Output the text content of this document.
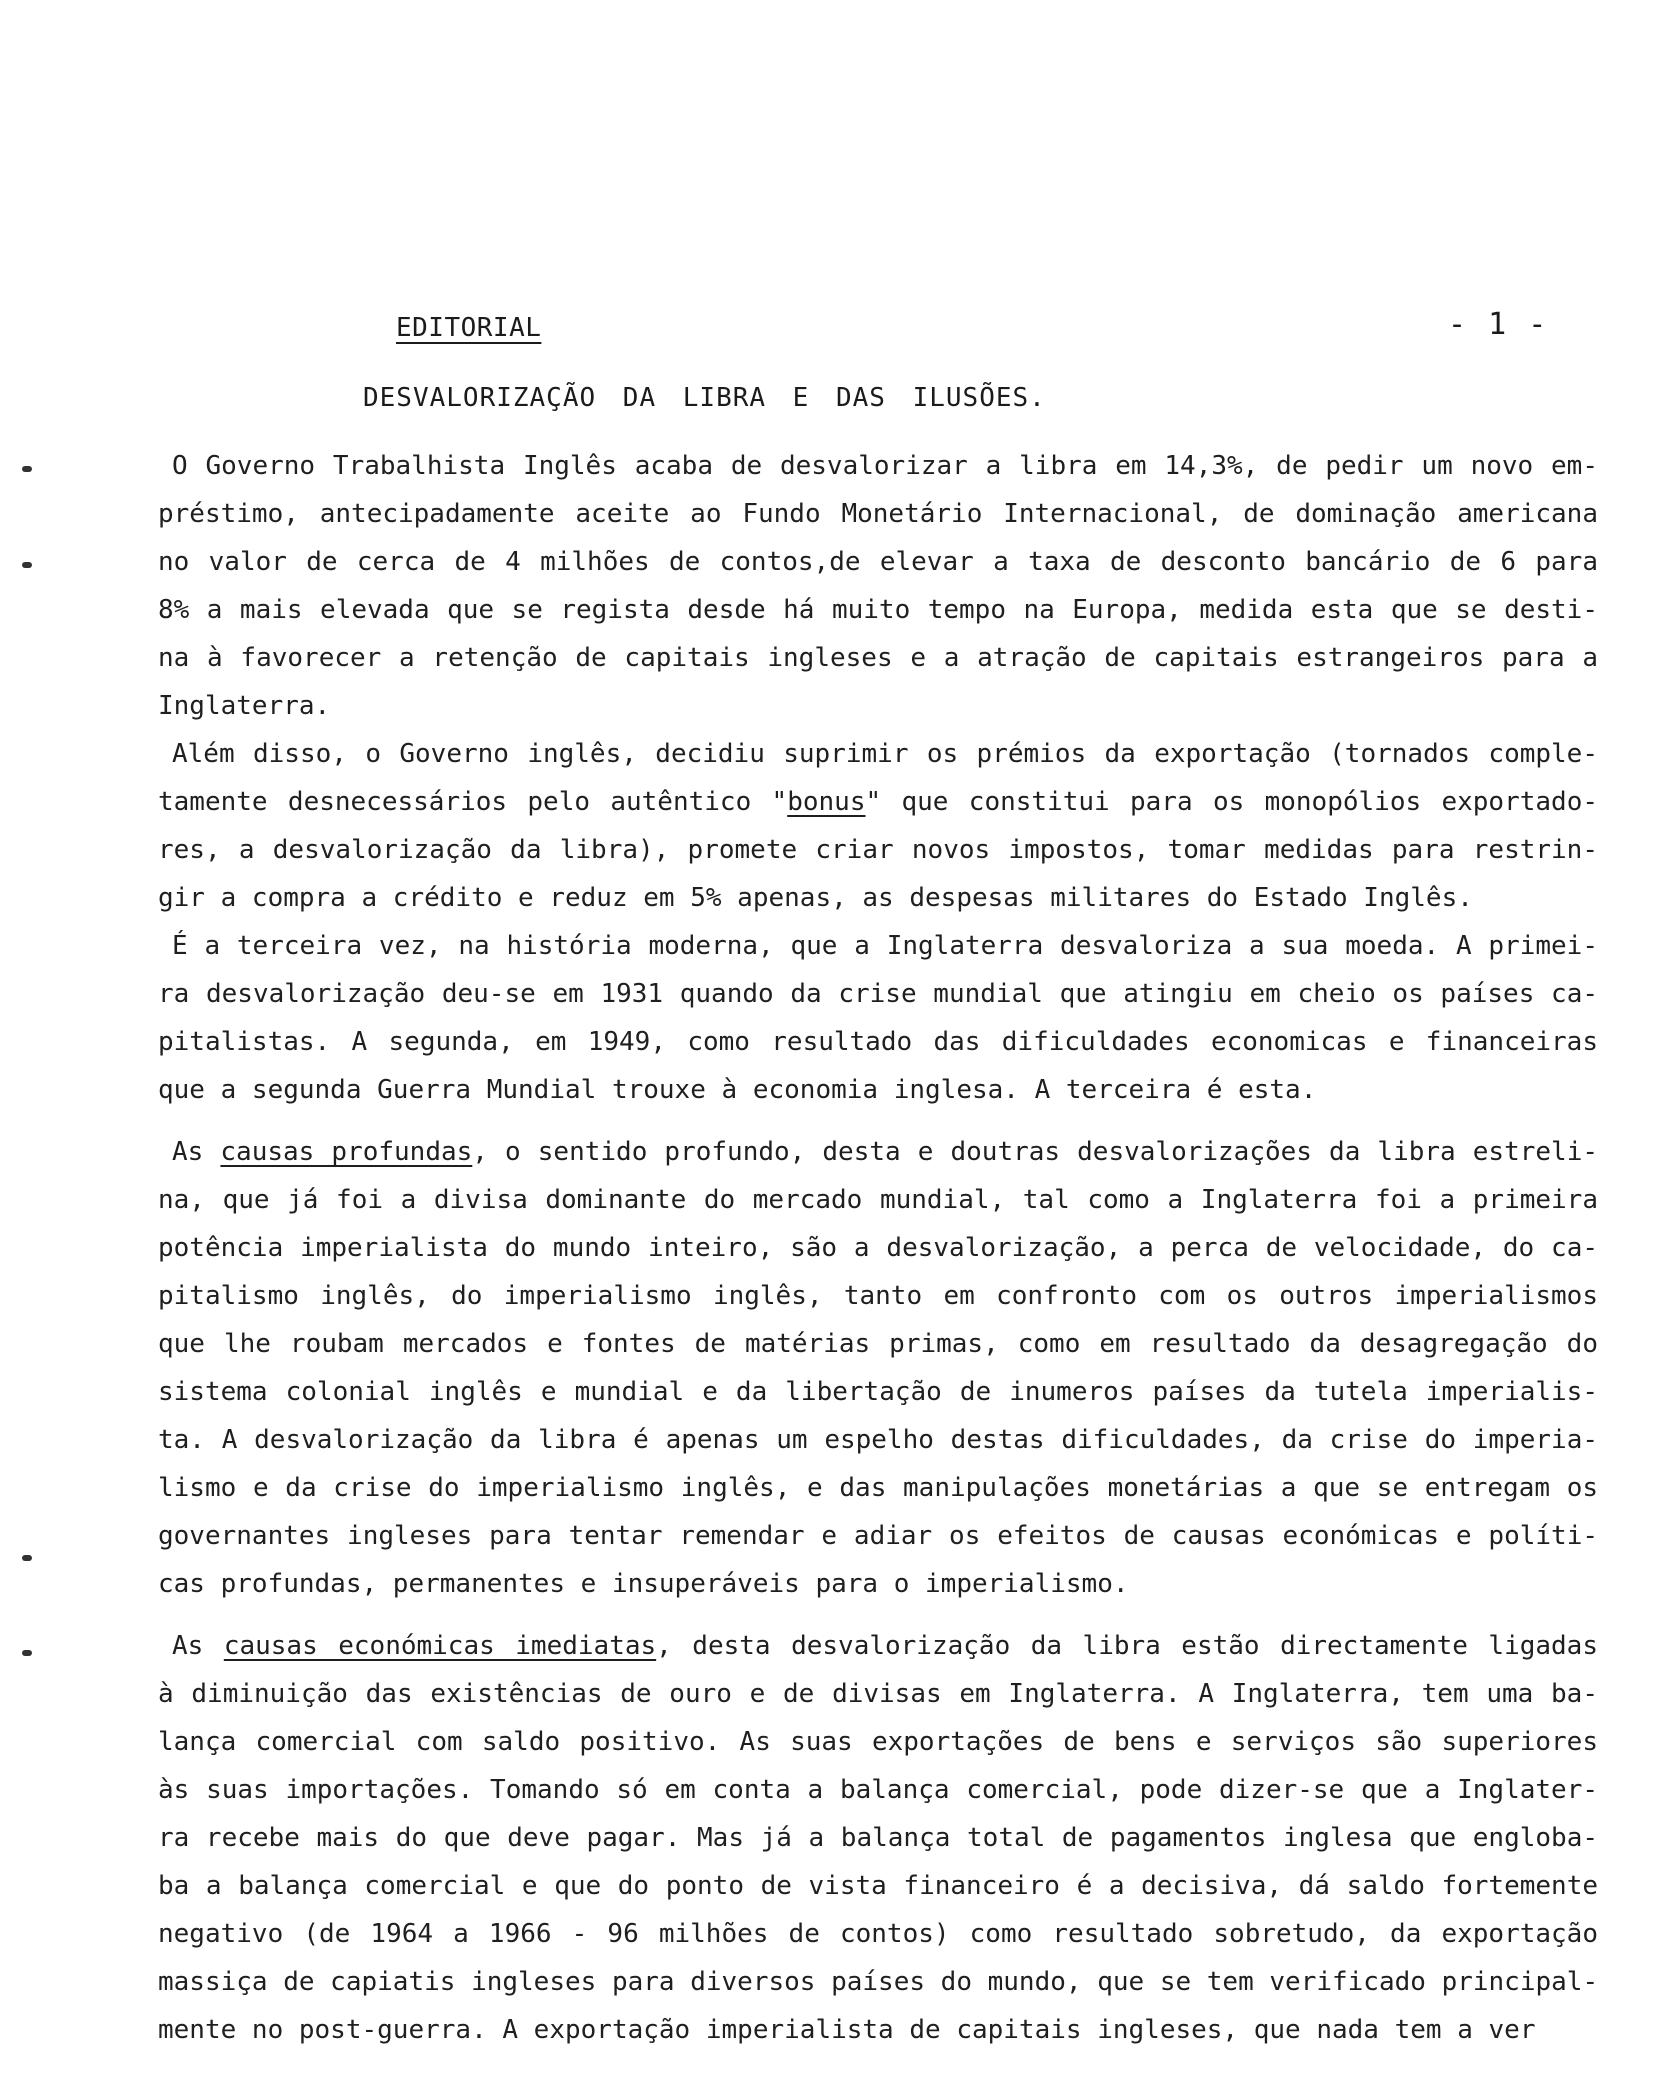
EDITORIAL	- 1 -
DESVALORIZAÇÃO DA LIBRA E DAS ILUSÕES.
O Governo Trabalhista Inglês acaba de desvalorizar a libra em 14,3%, de pedir um novo em-
préstimo, antecipadamente aceite ao Fundo Monetário Internacional, de dominação americana
no valor de cerca de 4 milhões de contos,de elevar a taxa de desconto bancário de 6 para
8% a mais elevada que se regista desde há muito tempo na Europa, medida esta que se desti-
na à favorecer a retenção de capitais ingleses e a atração de capitais estrangeiros para a
Inglaterra.
Além disso, o Governo inglês, decidiu suprimir os prémios da exportação (tornados comple-
tamente desnecessários pelo autêntico "bonus" que constitui para os monopólios exportado-
res, a desvalorização da libra), promete criar novos impostos, tomar medidas para restrin-
gir a compra a crédito e reduz em 5% apenas, as despesas militares do Estado Inglês.
É a terceira vez, na história moderna, que a Inglaterra desvaloriza a sua moeda. A primei-
ra desvalorização deu-se em 1931 quando da crise mundial que atingiu em cheio os países ca-
pitalistas. A segunda, em 1949, como resultado das dificuldades economicas e financeiras
que a segunda Guerra Mundial trouxe à economia inglesa. A terceira é esta.
As causas profundas, o sentido profundo, desta e doutras desvalorizações da libra estreli-
na, que já foi a divisa dominante do mercado mundial, tal como a Inglaterra foi a primeira
potência imperialista do mundo inteiro, são a desvalorização, a perca de velocidade, do ca-
pitalismo inglês, do imperialismo inglês, tanto em confronto com os outros imperialismos
que lhe roubam mercados e fontes de matérias primas, como em resultado da desagregação do
sistema colonial inglês e mundial e da libertação de inumeros países da tutela imperialis-
ta. A desvalorização da libra é apenas um espelho destas dificuldades, da crise do imperia-
lismo e da crise do imperialismo inglês, e das manipulações monetárias a que se entregam os
governantes ingleses para tentar remendar e adiar os efeitos de causas económicas e políti-
cas profundas, permanentes e insuperáveis para o imperialismo.
As causas económicas imediatas, desta desvalorização da libra estão directamente ligadas
à diminuição das existências de ouro e de divisas em Inglaterra. A Inglaterra, tem uma ba-
lança comercial com saldo positivo. As suas exportações de bens e serviços são superiores
às suas importações. Tomando só em conta a balança comercial, pode dizer-se que a Inglater-
ra recebe mais do que deve pagar. Mas já a balança total de pagamentos inglesa que engloba-
ba a balança comercial e que do ponto de vista financeiro é a decisiva, dá saldo fortemente
negativo (de 1964 a 1966 - 96 milhões de contos) como resultado sobretudo, da exportação
massiça de capiatis ingleses para diversos países do mundo, que se tem verificado principal-
mente no post-guerra. A exportação imperialista de capitais ingleses, que nada tem a ver
